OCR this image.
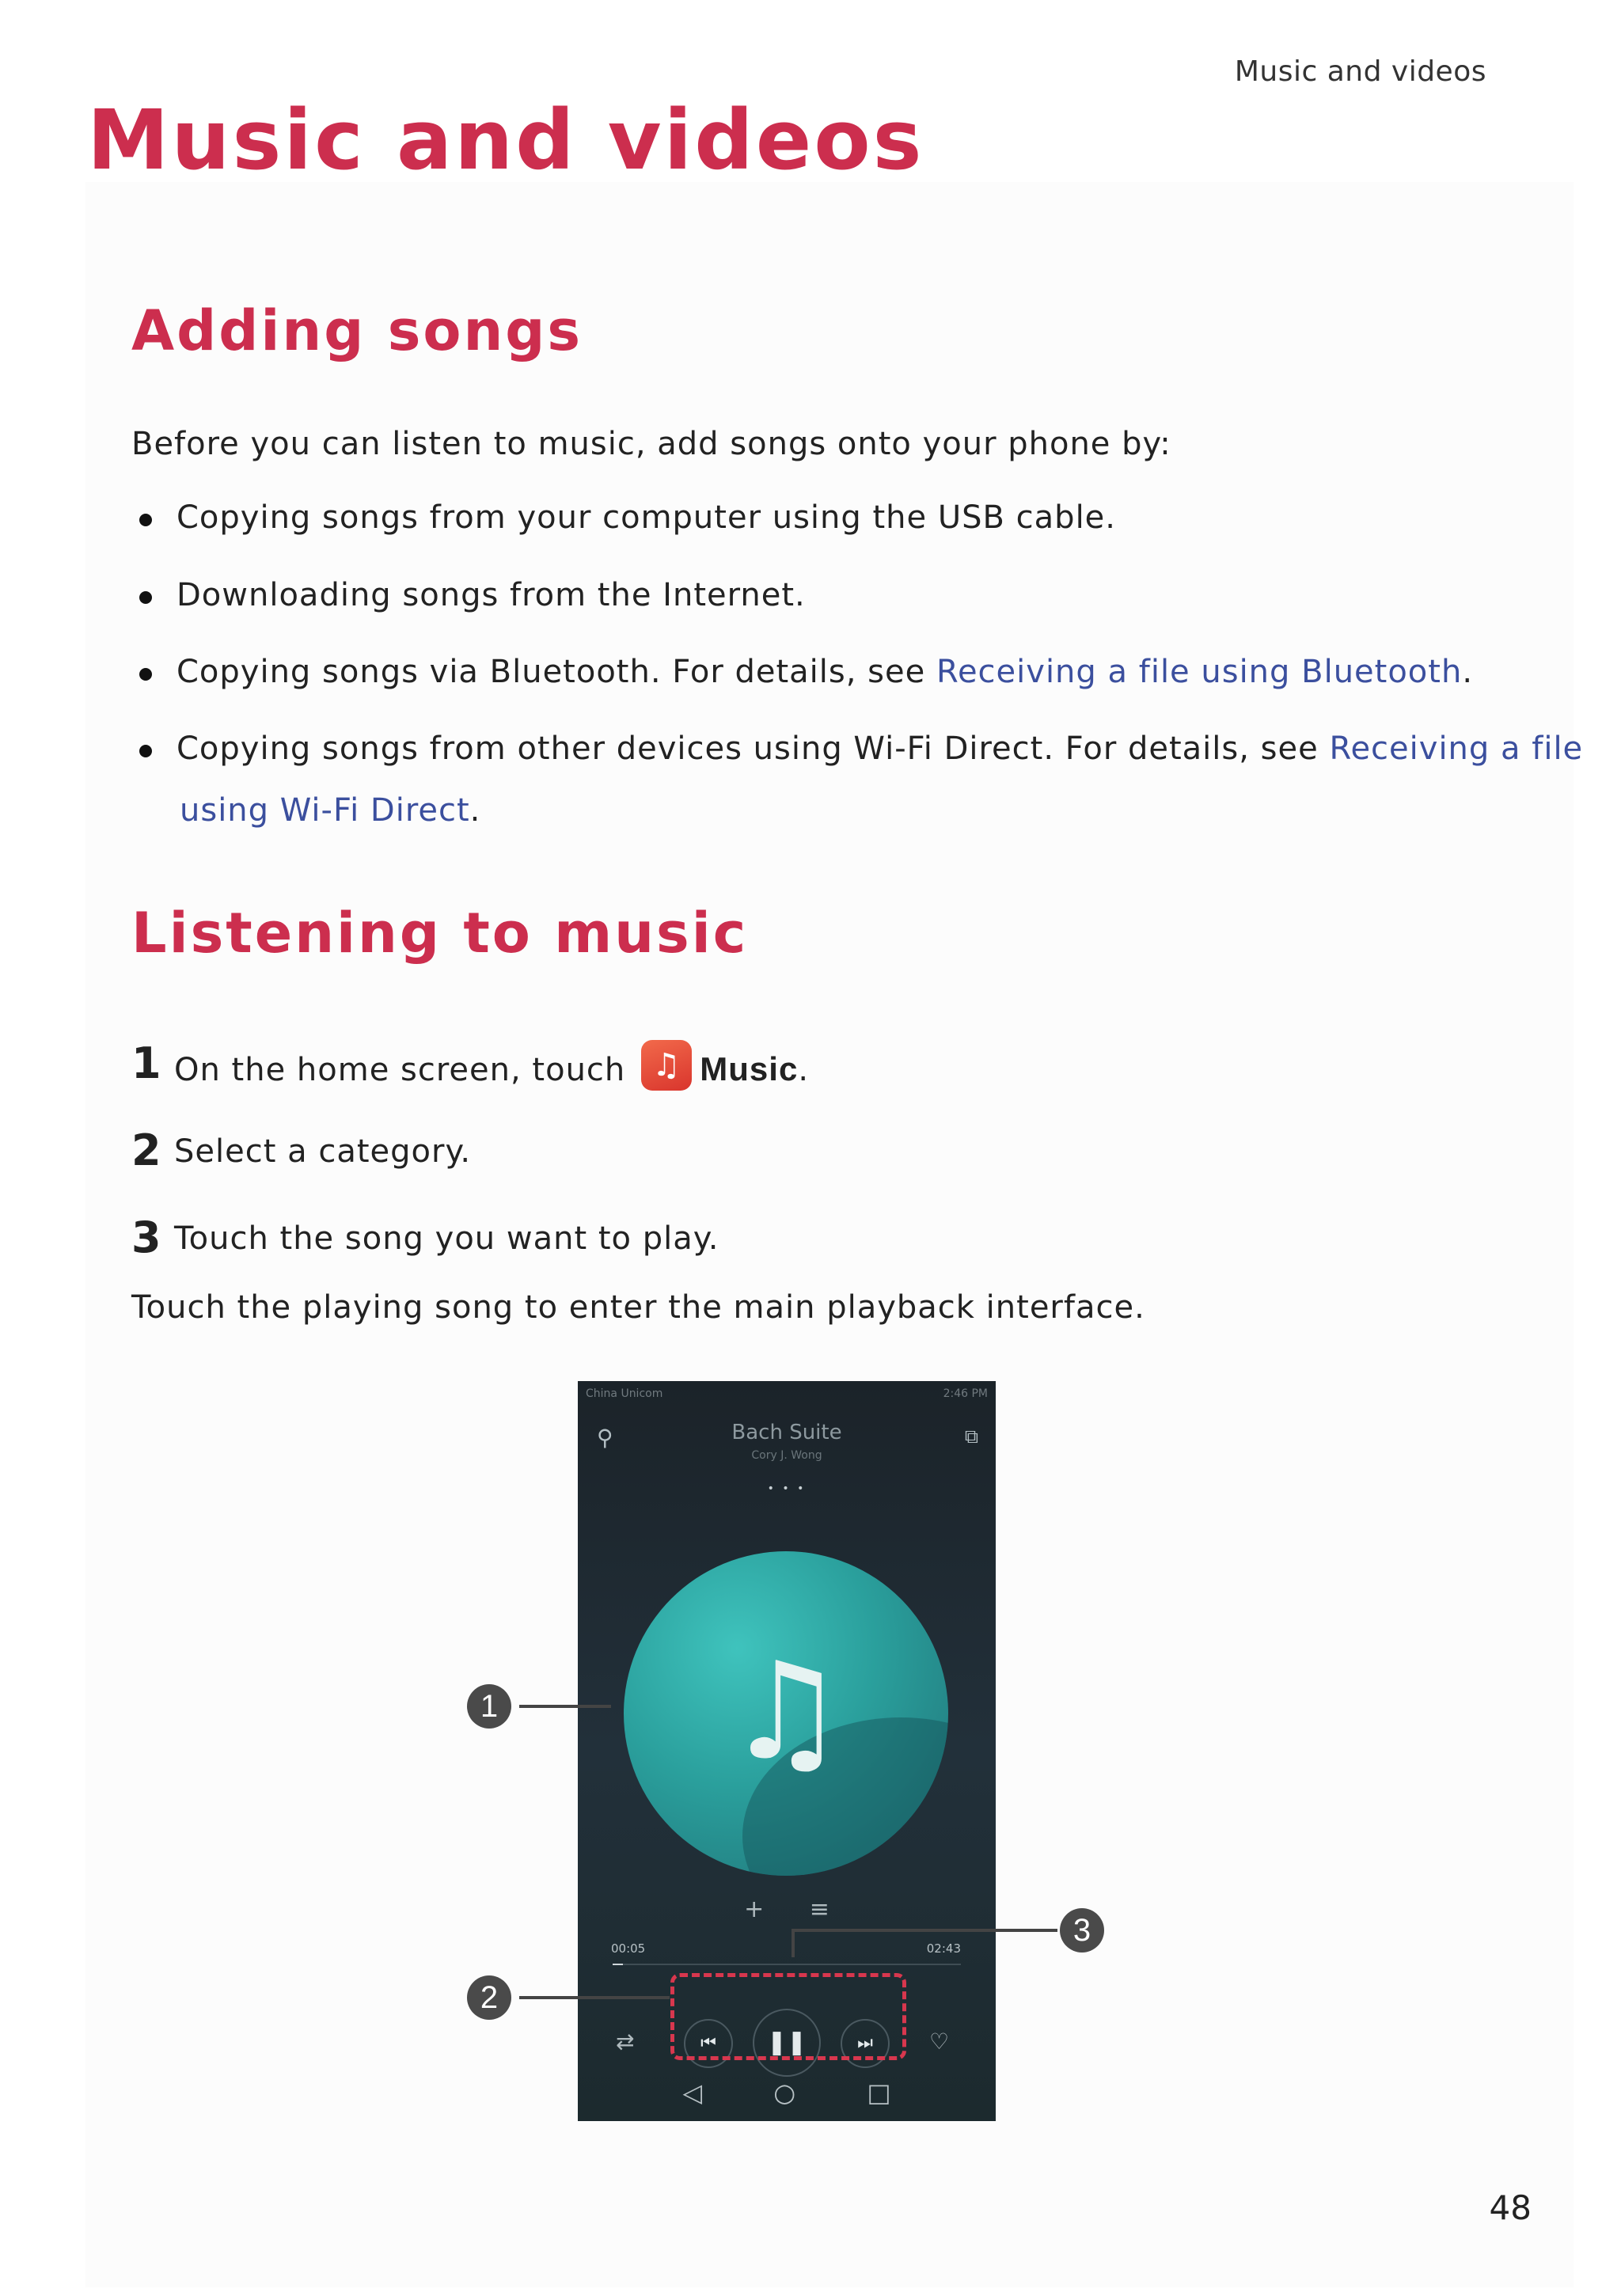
Music and videos
Music and videos
Adding songs
Before you can listen to music, add songs onto your phone by:
Copying songs from your computer using the USB cable.
Downloading songs from the Internet.
Copying songs via Bluetooth. For details, see Receiving a file using Bluetooth.
Copying songs from other devices using Wi-Fi Direct. For details, see Receiving a file
using Wi-Fi Direct.
Listening to music
1 On the home screen, touch ♫ Music.
2 Select a category.
3 Touch the song you want to play.
Touch the playing song to enter the main playback interface.
China Unicom	2:46 PM
⚲	⧉
Bach Suite
Cory J. Wong
• • •
♫
+ ≡
00:05	02:43
⇄	⏮	❚❚	⏭	♡
◁	○	□
1
2
3
48
